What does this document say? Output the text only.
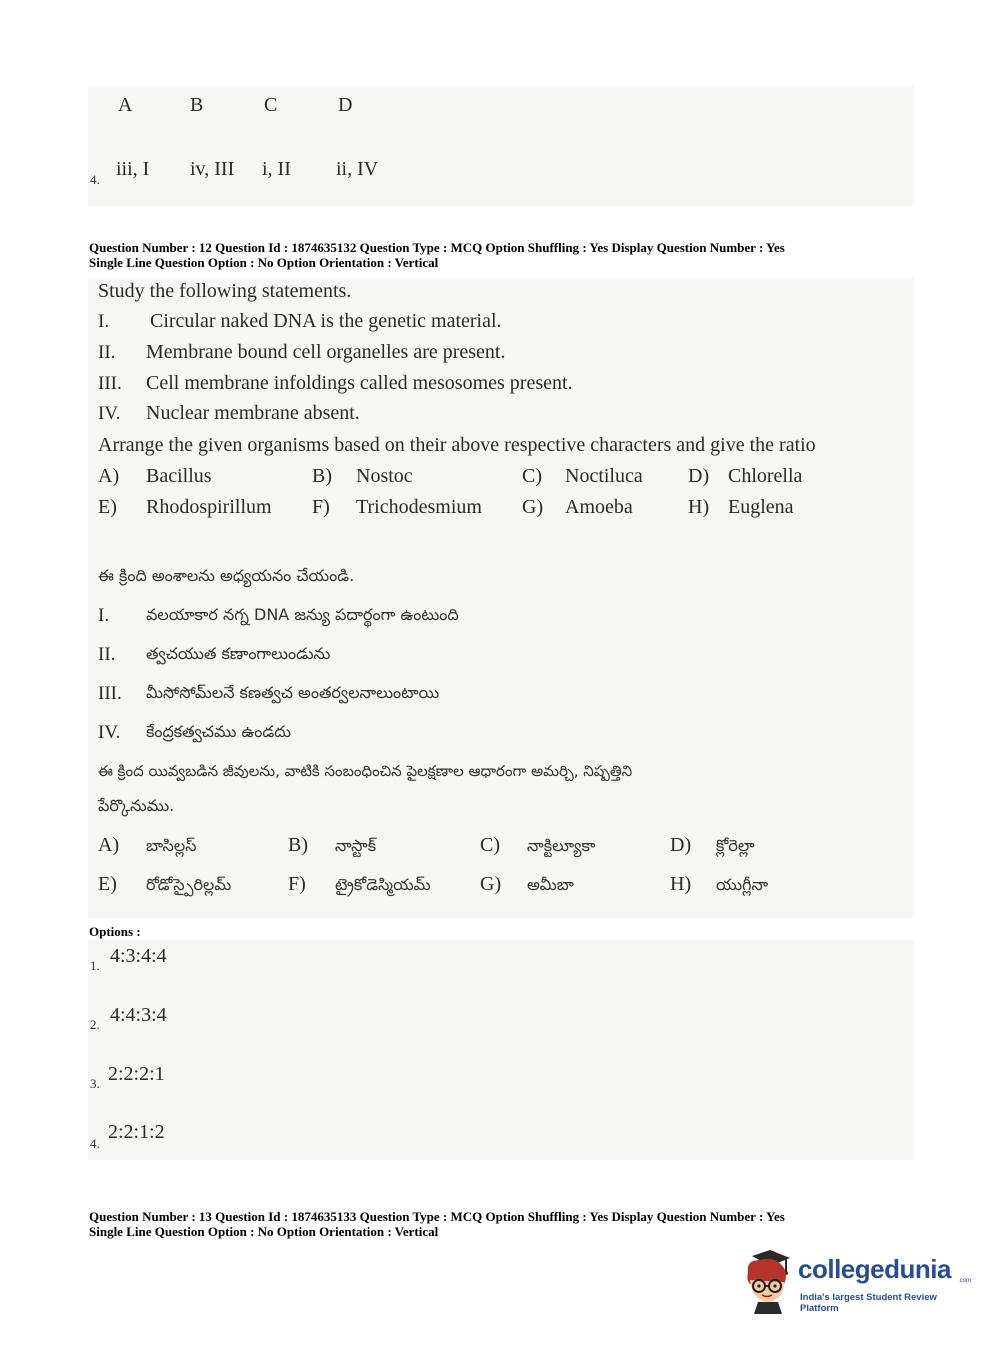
A	B	C	D
4. iii, I iv, III i, II ii, IV
Question Number : 12 Question Id : 1874635132 Question Type : MCQ Option Shuffling : Yes Display Question Number : Yes
Single Line Question Option : No Option Orientation : Vertical
Study the following statements.
I. Circular naked DNA is the genetic material.
II. Membrane bound cell organelles are present.
III. Cell membrane infoldings called mesosomes present.
IV. Nuclear membrane absent.
Arrange the given organisms based on their above respective characters and give the ratio
A) Bacillus	B) Nostoc	C) Noctiluca D) Chlorella
E) Rhodospirillum F) Trichodesmium G) Amoeba	H) Euglena
ఈ క్రింది అంశాలను అధ్యయనం చేయండి.
I. వలయాకార నగ్న DNA జన్యు పదార్థంగా ఉంటుంది
II. త్వచయుత కణాంగాలుండును
III. మీసోసోమ్‌లనే కణత్వచ అంతర్వలనాలుంటాయి
IV. కేంద్రకత్వచము ఉండదు
ఈ క్రింద యివ్వబడిన జీవులను, వాటికి సంబంధించిన పైలక్షణాల ఆధారంగా అమర్చి, నిష్పత్తిని
పేర్కొనుము.
A) బాసిల్లస్	B) నాస్టాక్	C) నాక్టిల్యూకా	D) క్లోరెల్లా
E) రోడోస్పైరిల్లమ్	F) ట్రైకోడెస్మియమ్ G) అమీబా	H) యుగ్లీనా
Options :
1. 4:3:4:4
2. 4:4:3:4
3. 2:2:2:1
4.
2:2:1:2
Question Number : 13 Question Id : 1874635133 Question Type : MCQ Option Shuffling : Yes Display Question Number : Yes
Single Line Question Option : No Option Orientation : Vertical
collegedunia .com
India's largest Student Review Platform
